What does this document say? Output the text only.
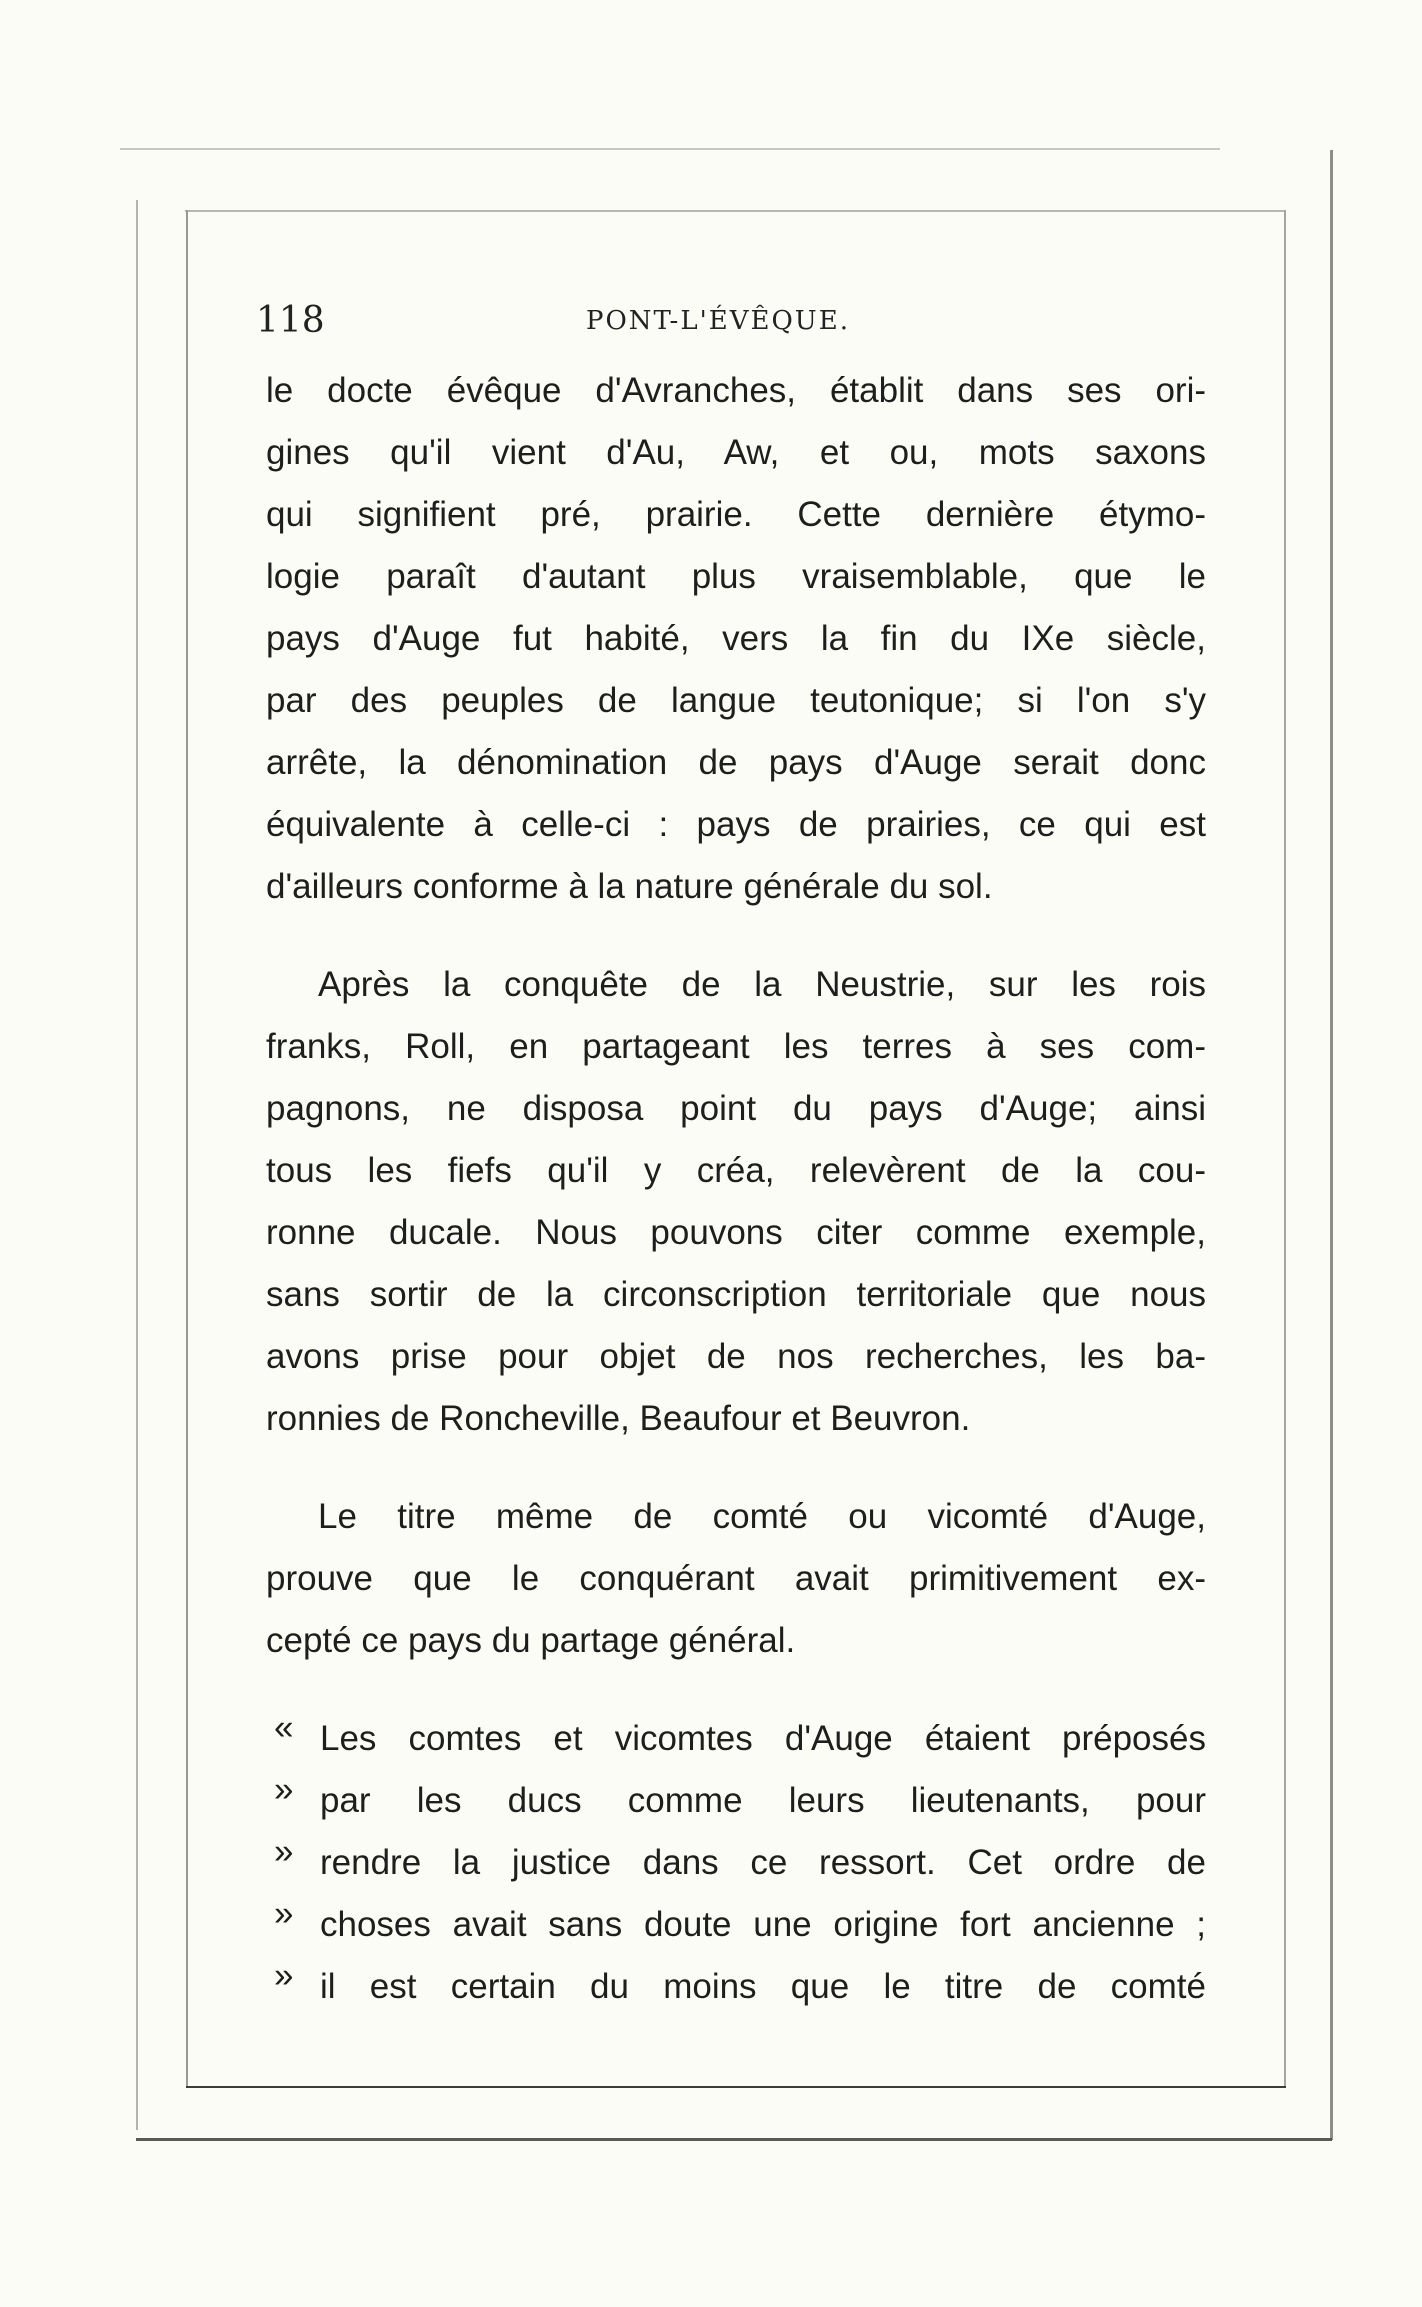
118	PONT-L'ÉVÊQUE.
le docte évêque d'Avranches, établit dans ses ori-
gines qu'il vient d'Au, Aw, et ou, mots saxons
qui signifient pré, prairie. Cette dernière étymo-
logie paraît d'autant plus vraisemblable, que le
pays d'Auge fut habité, vers la fin du IXe siècle,
par des peuples de langue teutonique; si l'on s'y
arrête, la dénomination de pays d'Auge serait donc
équivalente à celle-ci : pays de prairies, ce qui est
d'ailleurs conforme à la nature générale du sol.
Après la conquête de la Neustrie, sur les rois
franks, Roll, en partageant les terres à ses com-
pagnons, ne disposa point du pays d'Auge; ainsi
tous les fiefs qu'il y créa, relevèrent de la cou-
ronne ducale. Nous pouvons citer comme exemple,
sans sortir de la circonscription territoriale que nous
avons prise pour objet de nos recherches, les ba-
ronnies de Roncheville, Beaufour et Beuvron.
Le titre même de comté ou vicomté d'Auge,
prouve que le conquérant avait primitivement ex-
cepté ce pays du partage général.
« Les comtes et vicomtes d'Auge étaient préposés
» par les ducs comme leurs lieutenants, pour
» rendre la justice dans ce ressort. Cet ordre de
» choses avait sans doute une origine fort ancienne ;
» il est certain du moins que le titre de comté
